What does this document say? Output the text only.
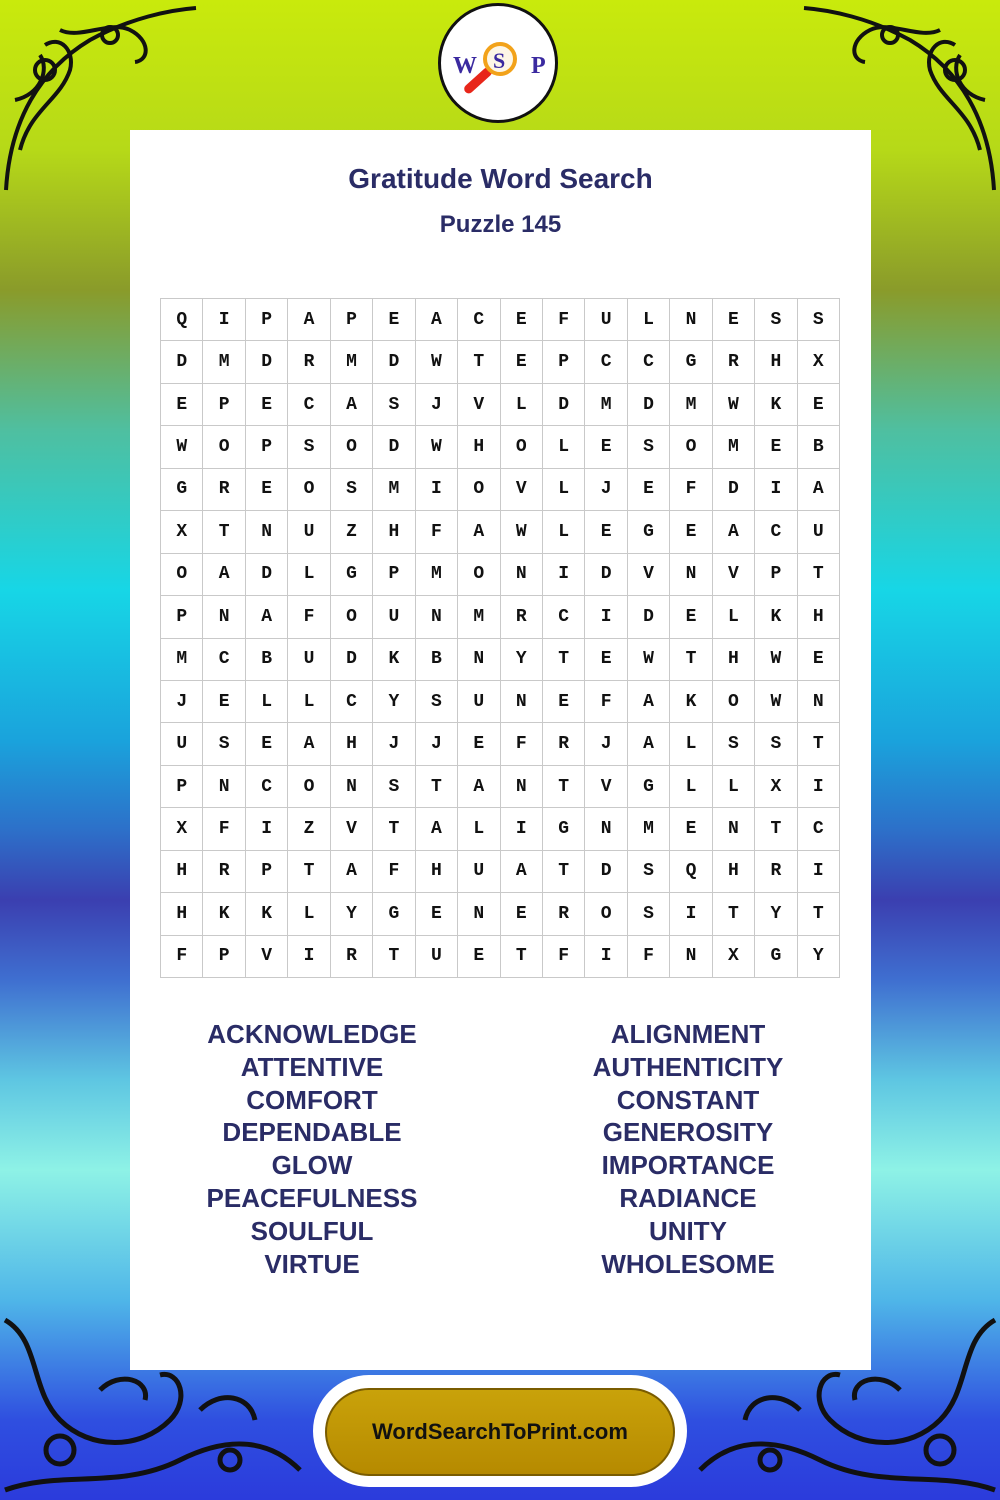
W S P
Gratitude Word Search
Puzzle 145
Q	I	P	A	P	E	A	C	E	F	U	L	N	E	S	S
D	M	D	R	M	D	W	T	E	P	C	C	G	R	H	X
E	P	E	C	A	S	J	V	L	D	M	D	M	W	K	E
W	O	P	S	O	D	W	H	O	L	E	S	O	M	E	B
G	R	E	O	S	M	I	O	V	L	J	E	F	D	I	A
X	T	N	U	Z	H	F	A	W	L	E	G	E	A	C	U
O	A	D	L	G	P	M	O	N	I	D	V	N	V	P	T
P	N	A	F	O	U	N	M	R	C	I	D	E	L	K	H
M	C	B	U	D	K	B	N	Y	T	E	W	T	H	W	E
J	E	L	L	C	Y	S	U	N	E	F	A	K	O	W	N
U	S	E	A	H	J	J	E	F	R	J	A	L	S	S	T
P	N	C	O	N	S	T	A	N	T	V	G	L	L	X	I
X	F	I	Z	V	T	A	L	I	G	N	M	E	N	T	C
H	R	P	T	A	F	H	U	A	T	D	S	Q	H	R	I
H	K	K	L	Y	G	E	N	E	R	O	S	I	T	Y	T
F	P	V	I	R	T	U	E	T	F	I	F	N	X	G	Y
ACKNOWLEDGE
ATTENTIVE
COMFORT
DEPENDABLE
GLOW
PEACEFULNESS
SOULFUL
VIRTUE
ALIGNMENT
AUTHENTICITY
CONSTANT
GENEROSITY
IMPORTANCE
RADIANCE
UNITY
WHOLESOME
WordSearchToPrint.com
